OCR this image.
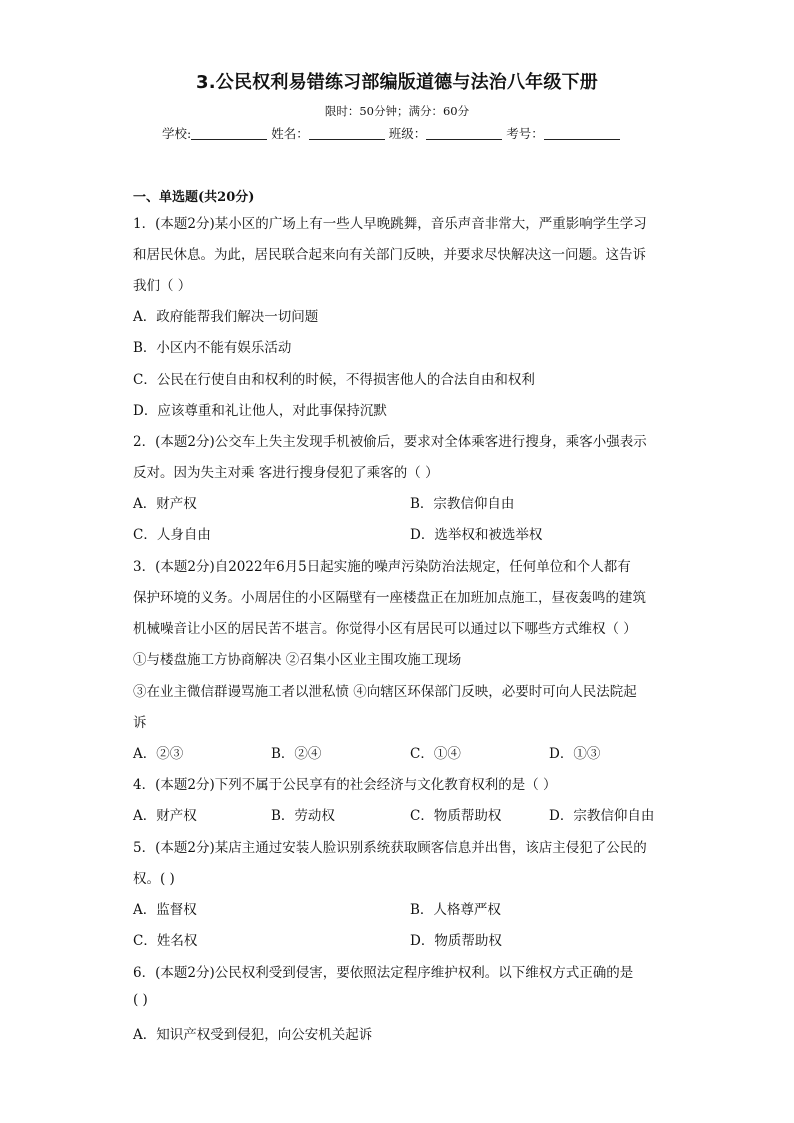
3.公民权利易错练习部编版道德与法治八年级下册
限时：50分钟；满分：60分
学校:	姓名：	班级：	考号：
一、单选题(共20分)
1．(本题2分)某小区的广场上有一些人早晚跳舞，音乐声音非常大，严重影响学生学习
和居民休息。为此，居民联合起来向有关部门反映，并要求尽快解决这一问题。这告诉
我们（ ）
A．政府能帮我们解决一切问题
B．小区内不能有娱乐活动
C．公民在行使自由和权利的时候，不得损害他人的合法自由和权利
D．应该尊重和礼让他人，对此事保持沉默
2．(本题2分)公交车上失主发现手机被偷后，要求对全体乘客进行搜身，乘客小强表示
反对。因为失主对乘 客进行搜身侵犯了乘客的（ ）
A．财产权	B．宗教信仰自由
C．人身自由	D．选举权和被选举权
3．(本题2分)自2022年6月5日起实施的噪声污染防治法规定，任何单位和个人都有
保护环境的义务。小周居住的小区隔壁有一座楼盘正在加班加点施工，昼夜轰鸣的建筑
机械噪音让小区的居民苦不堪言。你觉得小区有居民可以通过以下哪些方式维权（ ）
①与楼盘施工方协商解决 ②召集小区业主围攻施工现场
③在业主微信群谩骂施工者以泄私愤 ④向辖区环保部门反映，必要时可向人民法院起
诉
A．②③	B．②④	C．①④	D．①③
4．(本题2分)下列不属于公民享有的社会经济与文化教育权利的是（ ）
A．财产权	B．劳动权	C．物质帮助权	D．宗教信仰自由
5．(本题2分)某店主通过安装人脸识别系统获取顾客信息并出售，该店主侵犯了公民的
权。( )
A．监督权	B．人格尊严权
C．姓名权	D．物质帮助权
6．(本题2分)公民权利受到侵害，要依照法定程序维护权利。以下维权方式正确的是
( )
A．知识产权受到侵犯，向公安机关起诉
